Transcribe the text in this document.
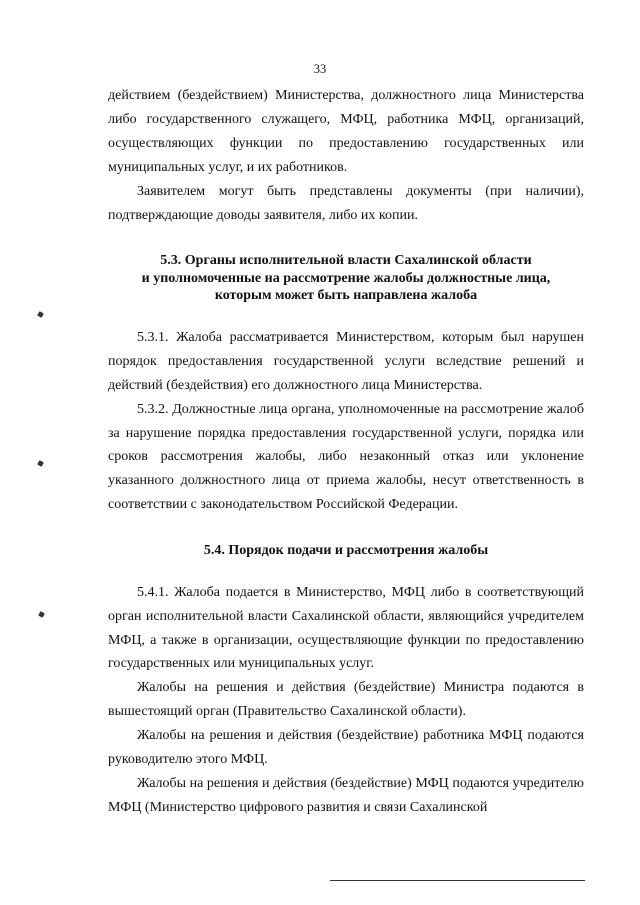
33

действием (бездействием) Министерства, должностного лица Министерства либо государственного служащего, МФЦ, работника МФЦ, организаций, осуществляющих функции по предоставлению государственных или муниципальных услуг, и их работников.

Заявителем могут быть представлены документы (при наличии), подтверждающие доводы заявителя, либо их копии.

5.3. Органы исполнительной власти Сахалинской области
и уполномоченные на рассмотрение жалобы должностные лица,
которым может быть направлена жалоба

5.3.1. Жалоба рассматривается Министерством, которым был нарушен порядок предоставления государственной услуги вследствие решений и действий (бездействия) его должностного лица Министерства.

5.3.2. Должностные лица органа, уполномоченные на рассмотрение жалоб за нарушение порядка предоставления государственной услуги, порядка или сроков рассмотрения жалобы, либо незаконный отказ или уклонение указанного должностного лица от приема жалобы, несут ответственность в соответствии с законодательством Российской Федерации.

5.4. Порядок подачи и рассмотрения жалобы

5.4.1. Жалоба подается в Министерство, МФЦ либо в соответствующий орган исполнительной власти Сахалинской области, являющийся учредителем МФЦ, а также в организации, осуществляющие функции по предоставлению государственных или муниципальных услуг.

Жалобы на решения и действия (бездействие) Министра подаются в вышестоящий орган (Правительство Сахалинской области).

Жалобы на решения и действия (бездействие) работника МФЦ подаются руководителю этого МФЦ.

Жалобы на решения и действия (бездействие) МФЦ подаются учредителю МФЦ (Министерство цифрового развития и связи Сахалинской
